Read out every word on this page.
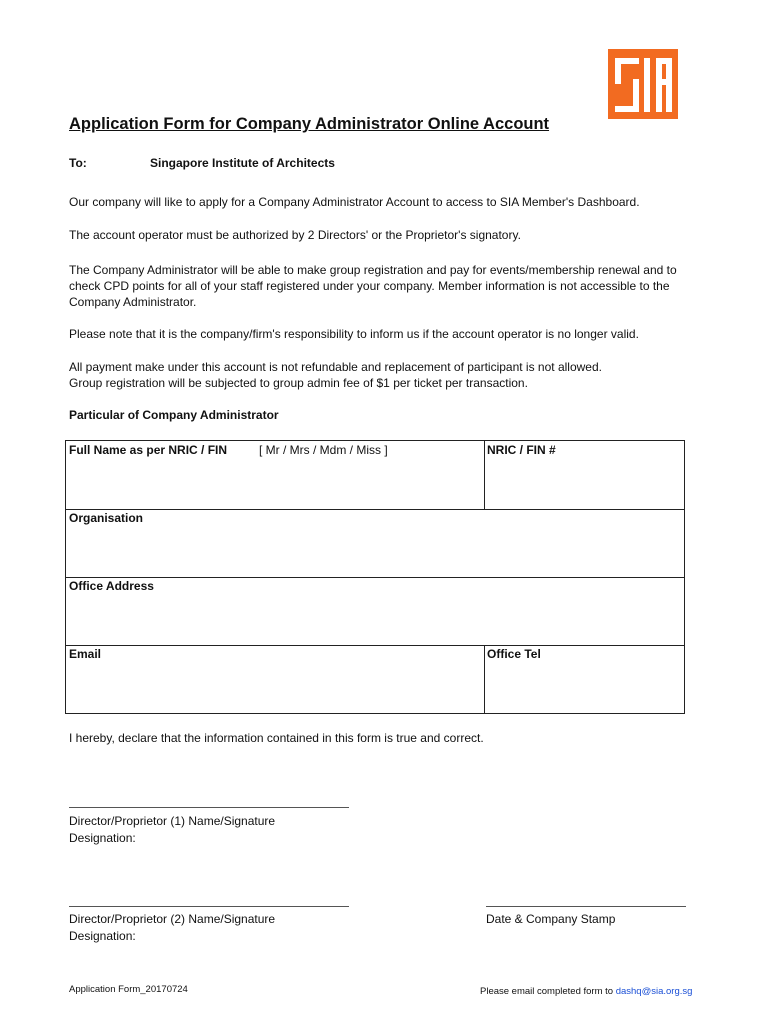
Application Form for Company Administrator Online Account
To:	Singapore Institute of Architects
Our company will like to apply for a Company Administrator Account to access to SIA Member's Dashboard.
The account operator must be authorized by 2 Directors' or the Proprietor's signatory.
The Company Administrator will be able to make group registration and pay for events/membership renewal and to check CPD points for all of your staff registered under your company. Member information is not accessible to the Company Administrator.
Please note that it is the company/firm's responsibility to inform us if the account operator is no longer valid.
All payment make under this account is not refundable and replacement of participant is not allowed.
Group registration will be subjected to group admin fee of $1 per ticket per transaction.
Particular of Company Administrator
Full Name as per NRIC / FIN	[ Mr / Mrs / Mdm / Miss ]	NRIC / FIN #
Organisation
Office Address
Email	Office Tel
I hereby, declare that the information contained in this form is true and correct.
Director/Proprietor (1) Name/Signature
Designation:
Director/Proprietor (2) Name/Signature
Designation:
Date & Company Stamp
Application Form_20170724	Please email completed form to dashq@sia.org.sg
